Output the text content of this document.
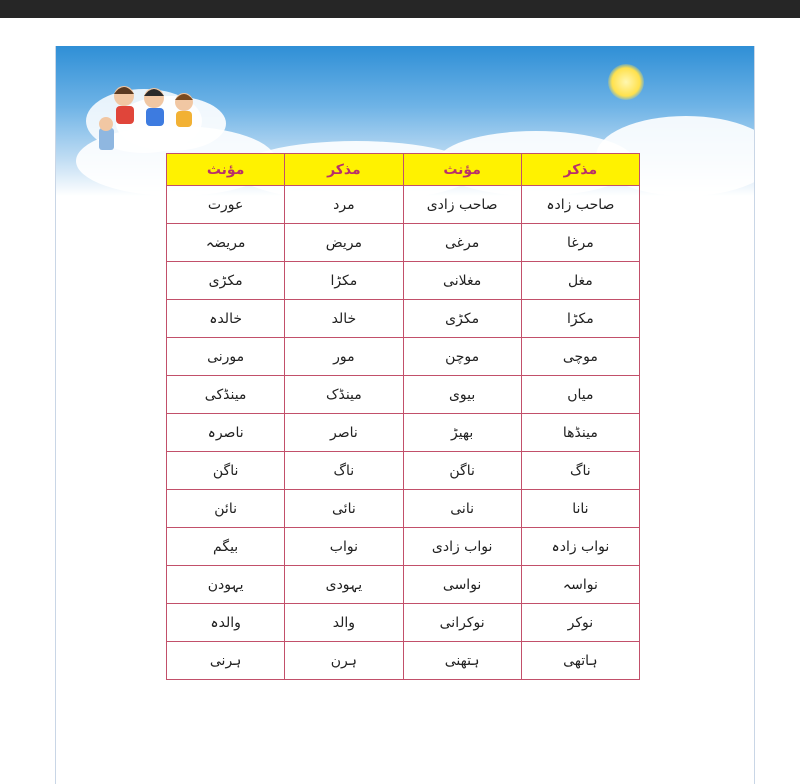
مذکر	مؤنث	مذکر	مؤنث
صاحب زادہ	صاحب زادی	مرد	عورت
مرغا	مرغی	مریض	مریضہ
مغل	مغلانی	مکڑا	مکڑی
مکڑا	مکڑی	خالد	خالدہ
موچی	موچن	مور	مورنی
میاں	بیوی	مینڈک	مینڈکی
مینڈھا	بھیڑ	ناصر	ناصرہ
ناگ	ناگن	ناگ	ناگن
نانا	نانی	نائی	نائن
نواب زادہ	نواب زادی	نواب	بیگم
نواسہ	نواسی	یہودی	یہودن
نوکر	نوکرانی	والد	والدہ
ہاتھی	ہتھنی	ہرن	ہرنی
